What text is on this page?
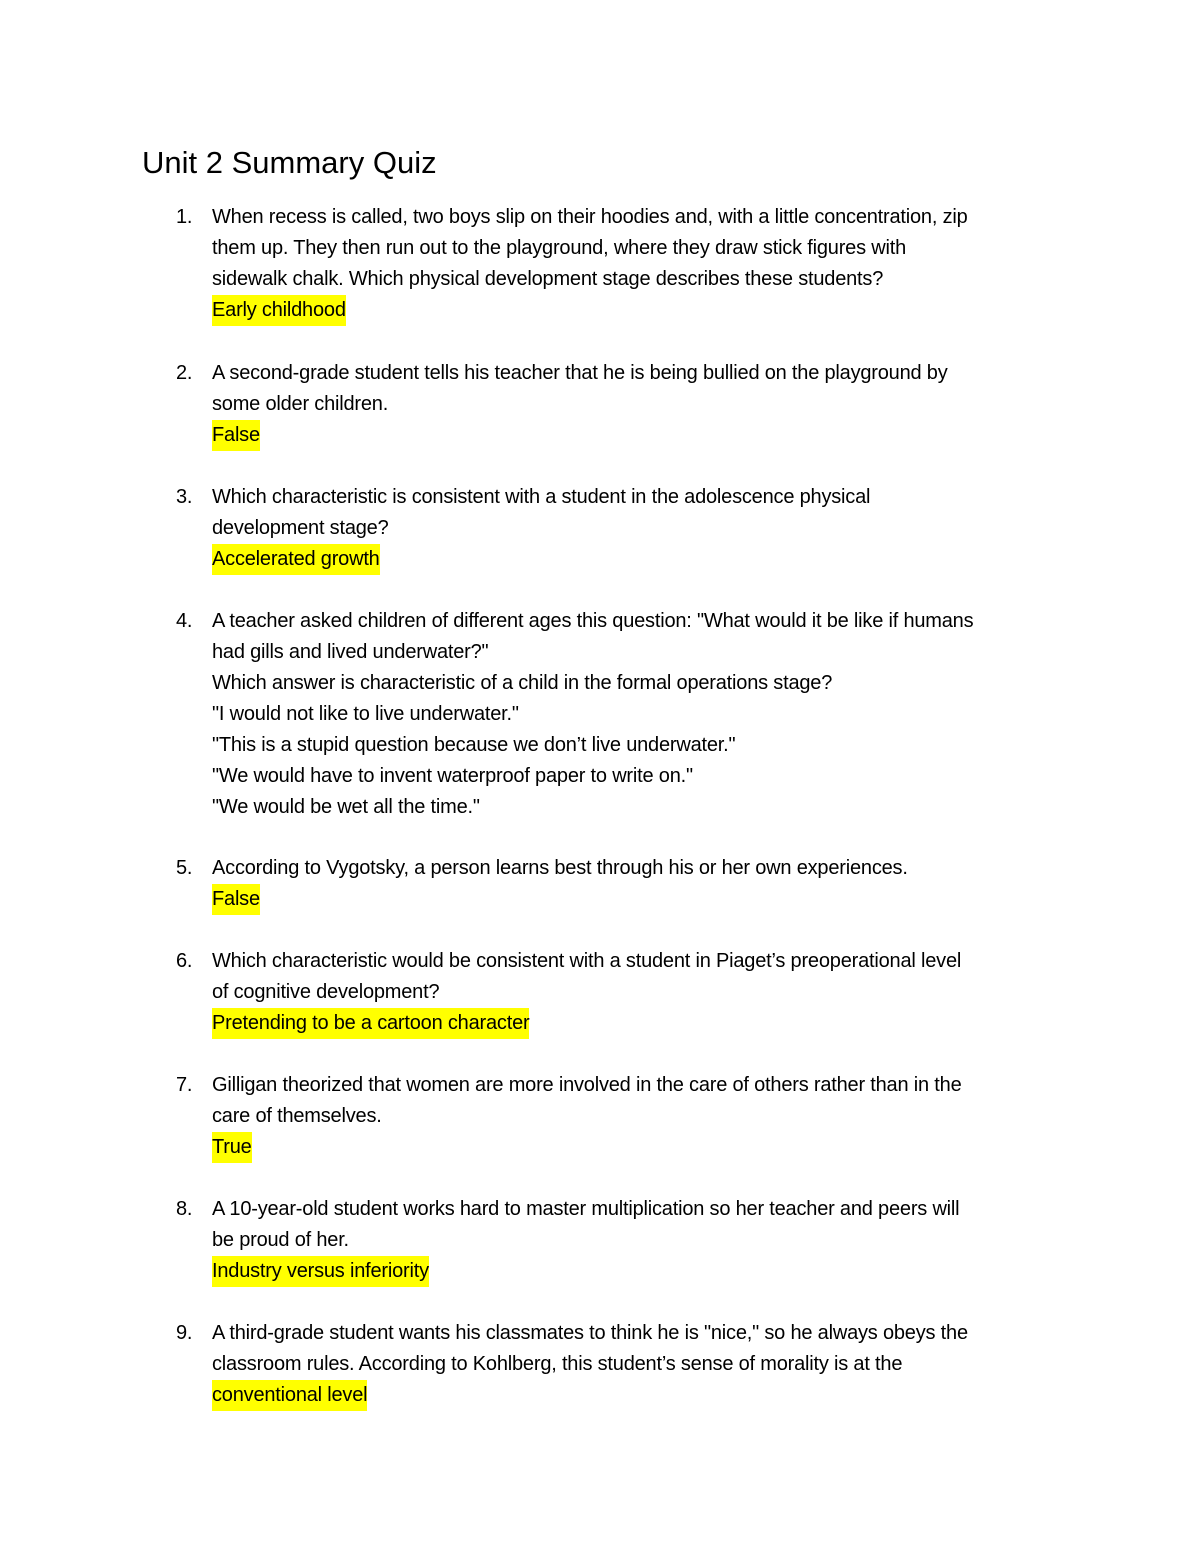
Unit 2 Summary Quiz
1. When recess is called, two boys slip on their hoodies and, with a little concentration, zip
them up. They then run out to the playground, where they draw stick figures with
sidewalk chalk. Which physical development stage describes these students?
Early childhood
2. A second-grade student tells his teacher that he is being bullied on the playground by
some older children.
False
3. Which characteristic is consistent with a student in the adolescence physical
development stage?
Accelerated growth
4. A teacher asked children of different ages this question: "What would it be like if humans
had gills and lived underwater?"
Which answer is characteristic of a child in the formal operations stage?
"I would not like to live underwater."
"This is a stupid question because we don’t live underwater."
"We would have to invent waterproof paper to write on."
"We would be wet all the time."
5. According to Vygotsky, a person learns best through his or her own experiences.
False
6. Which characteristic would be consistent with a student in Piaget’s preoperational level
of cognitive development?
Pretending to be a cartoon character
7. Gilligan theorized that women are more involved in the care of others rather than in the
care of themselves.
True
8. A 10-year-old student works hard to master multiplication so her teacher and peers will
be proud of her.
Industry versus inferiority
9. A third-grade student wants his classmates to think he is "nice," so he always obeys the
classroom rules. According to Kohlberg, this student’s sense of morality is at the
conventional level
